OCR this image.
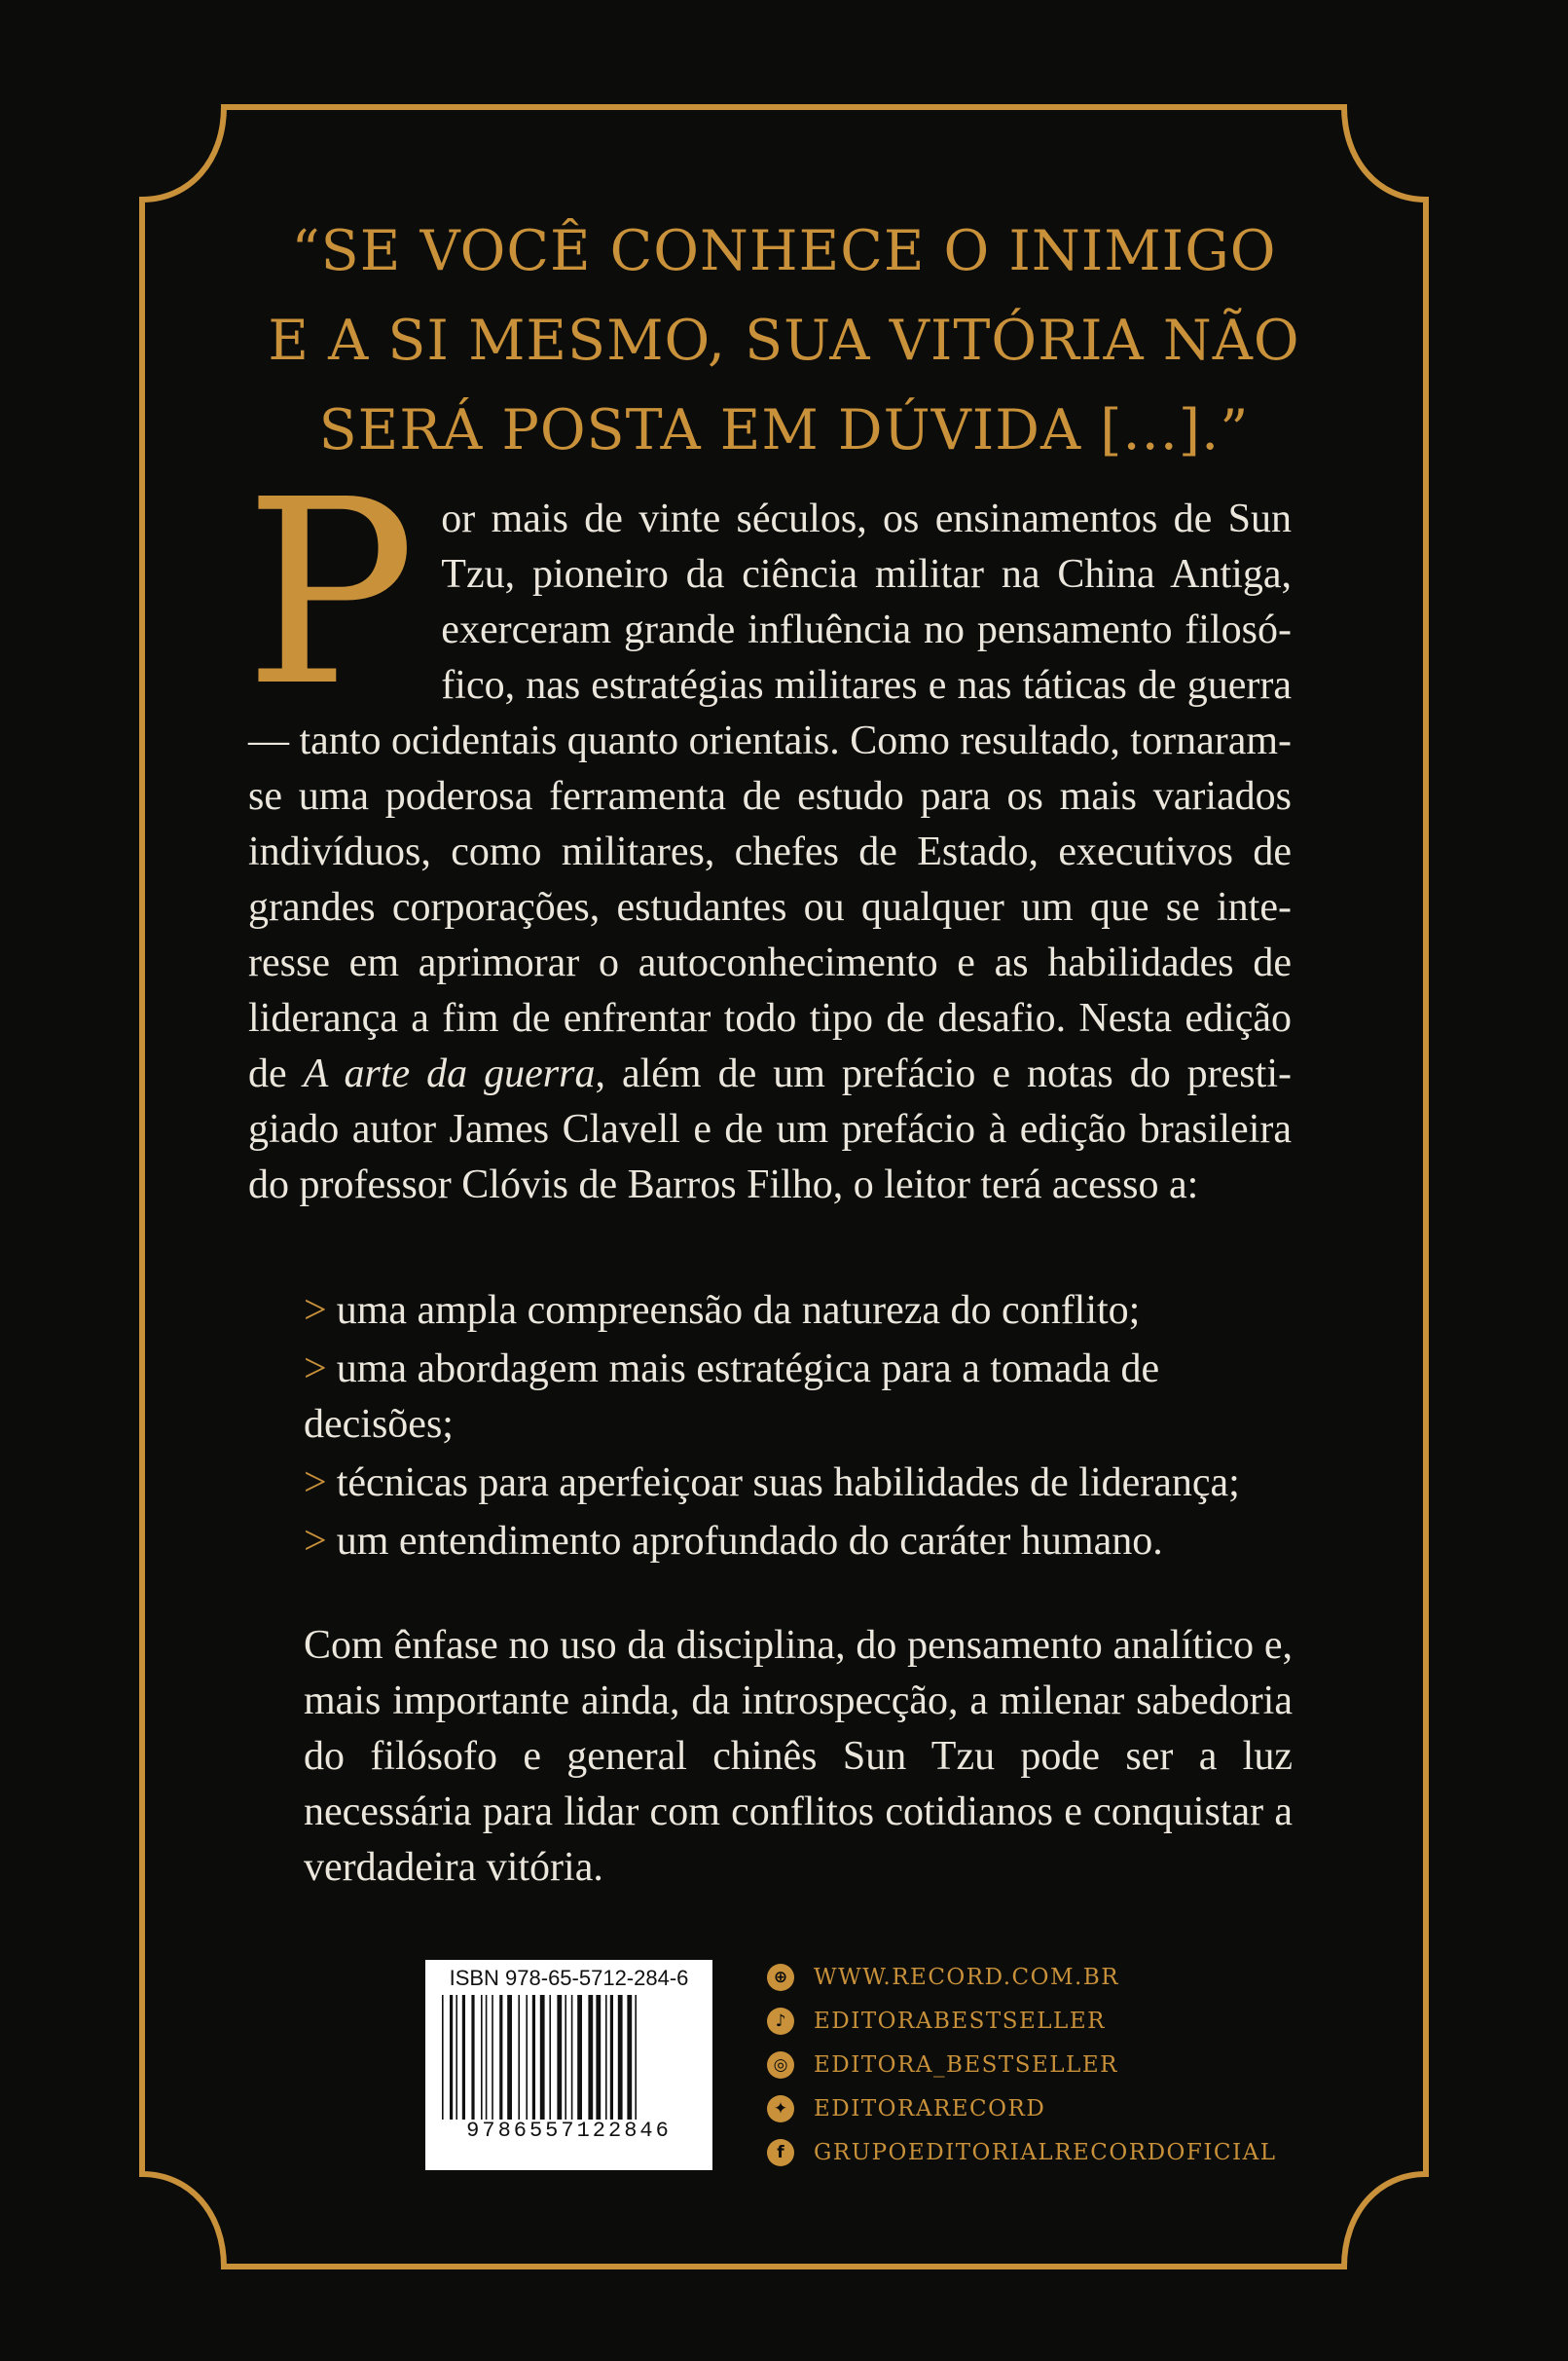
“SE VOCÊ CONHECE O INIMIGO
E A SI MESMO, SUA VITÓRIA NÃO
SERÁ POSTA EM DÚVIDA [...].”
Por mais de vinte séculos, os ensinamentos de Sun Tzu, pioneiro da ciência militar na China Antiga, exerceram grande influência no pensamento filosófico, nas estratégias militares e nas táticas de guerra — tanto ocidentais quanto orientais. Como resultado, tornaram-se uma poderosa ferramenta de estudo para os mais variados indivíduos, como militares, chefes de Estado, executivos de grandes corporações, estudantes ou qualquer um que se interesse em aprimorar o autoconhecimento e as habilidades de liderança a fim de enfrentar todo tipo de desafio. Nesta edição de A arte da guerra, além de um prefácio e notas do prestigiado autor James Clavell e de um prefácio à edição brasileira do professor Clóvis de Barros Filho, o leitor terá acesso a:
> uma ampla compreensão da natureza do conflito;
> uma abordagem mais estratégica para a tomada de decisões;
> técnicas para aperfeiçoar suas habilidades de liderança;
> um entendimento aprofundado do caráter humano.
Com ênfase no uso da disciplina, do pensamento analítico e, mais importante ainda, da introspecção, a milenar sabedoria do filósofo e general chinês Sun Tzu pode ser a luz necessária para lidar com conflitos cotidianos e conquistar a verdadeira vitória.
ISBN 978-65-5712-284-6
9786557122846
⊕ WWW.RECORD.COM.BR
♪	EDITORABESTSELLER
◎ EDITORA_BESTSELLER
✦ EDITORARECORD
f	GRUPOEDITORIALRECORDOFICIAL
